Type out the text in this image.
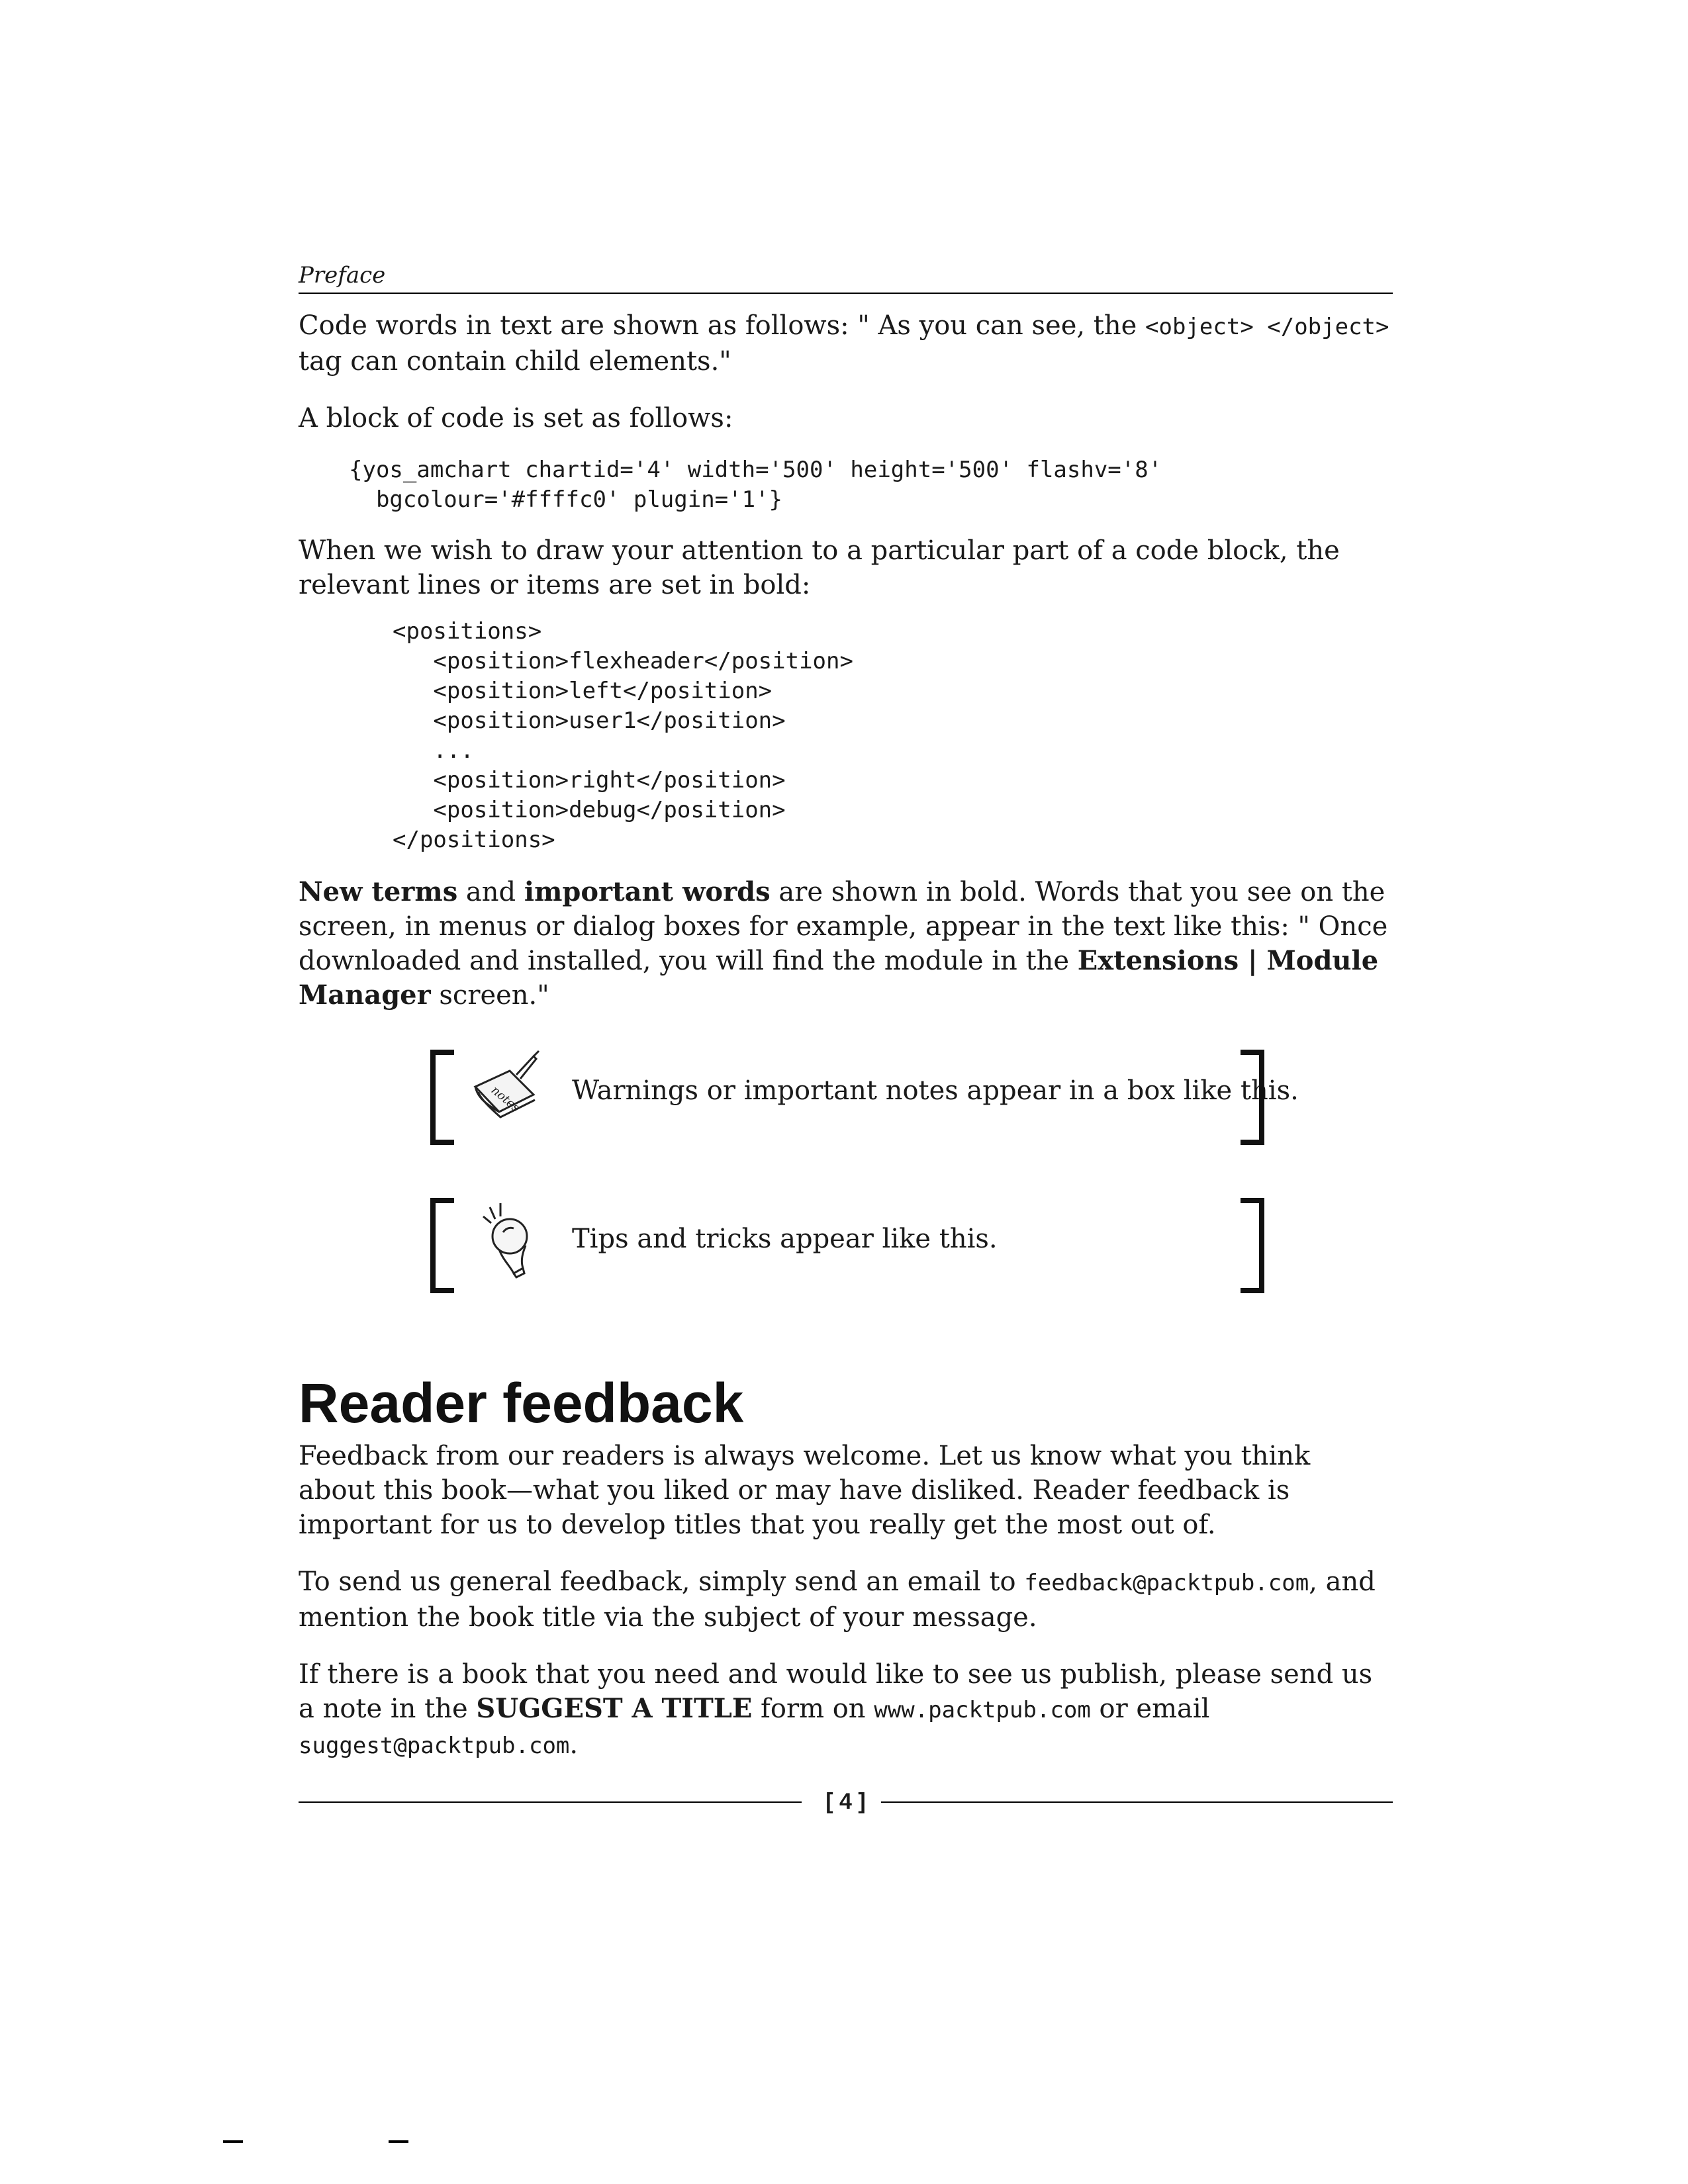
Preface

Code words in text are shown as follows: " As you can see, the <object> </object> tag can contain child elements."

A block of code is set as follows:

{yos_amchart chartid='4' width='500' height='500' flashv='8'
bgcolour='#ffffc0' plugin='1'}

When we wish to draw your attention to a particular part of a code block, the relevant lines or items are set in bold:

<positions>
<position>flexheader</position>
<position>left</position>
<position>user1</position>
...
<position>right</position>
<position>debug</position>
</positions>

New terms and important words are shown in bold. Words that you see on the screen, in menus or dialog boxes for example, appear in the text like this: " Once downloaded and installed, you will find the module in the Extensions | Module Manager screen."

notes Warnings or important notes appear in a box like this.
Tips and tricks appear like this.
Reader feedback

Feedback from our readers is always welcome. Let us know what you think about this book—what you liked or may have disliked. Reader feedback is important for us to develop titles that you really get the most out of.

To send us general feedback, simply send an email to feedback@packtpub.com, and mention the book title via the subject of your message.

If there is a book that you need and would like to see us publish, please send us a note in the SUGGEST A TITLE form on www.packtpub.com or email suggest@packtpub.com.

[ 4 ]
